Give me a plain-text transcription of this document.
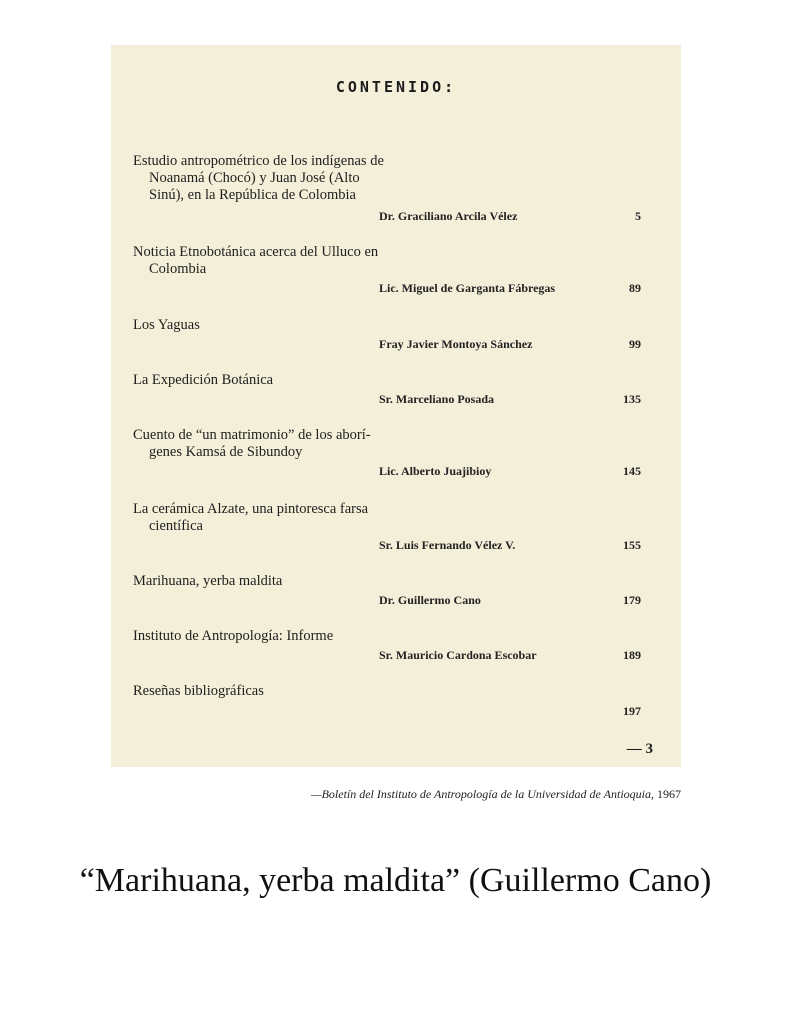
CONTENIDO:
Estudio antropométrico de los indígenas de
Noanamá (Chocó) y Juan José (Alto
Sinú), en la República de Colombia
Dr. Graciliano Arcila Vélez	5
Noticia Etnobotánica acerca del Ulluco en
Colombia
Lic. Miguel de Garganta Fábregas	89
Los Yaguas
Fray Javier Montoya Sánchez	99
La Expedición Botánica
Sr. Marceliano Posada	135
Cuento de “un matrimonio” de los aborí-
genes Kamsá de Sibundoy
Lic. Alberto Juajibioy	145
La cerámica Alzate, una pintoresca farsa
científica
Sr. Luis Fernando Vélez V.	155
Marihuana, yerba maldita
Dr. Guillermo Cano	179
Instituto de Antropología: Informe
Sr. Mauricio Cardona Escobar	189
Reseñas bibliográficas
197
— 3
—Boletín del Instituto de Antropología de la Universidad de Antioquia, 1967
“Marihuana, yerba maldita” (Guillermo Cano)
